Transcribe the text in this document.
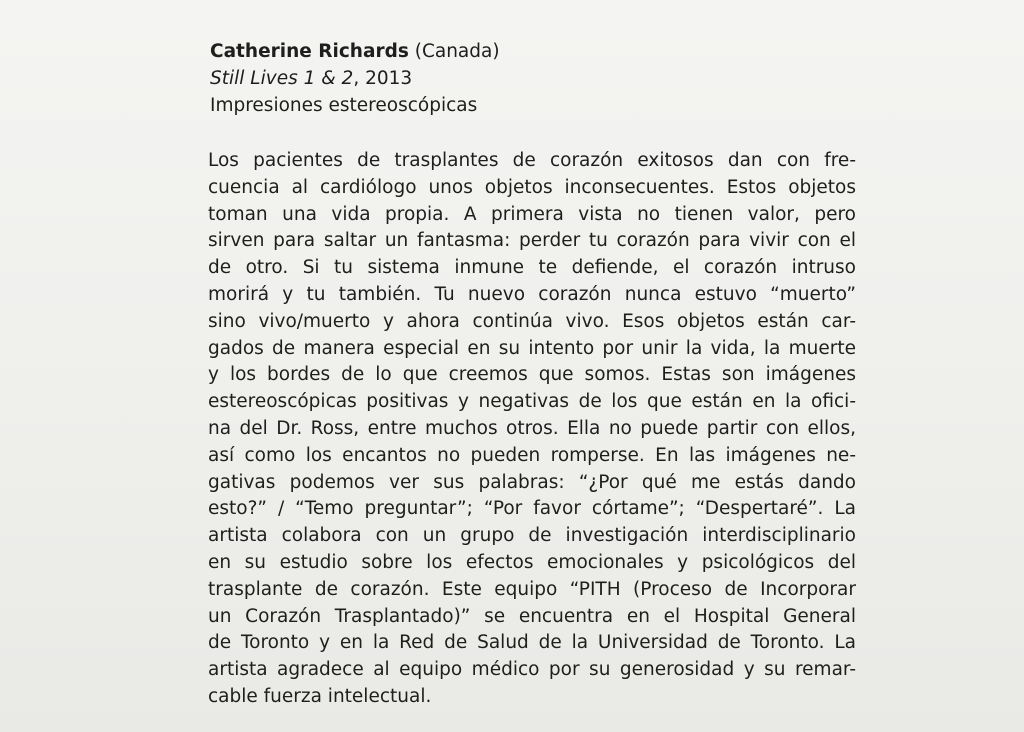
Catherine Richards (Canada)
Still Lives 1 & 2, 2013
Impresiones estereoscópicas
Los pacientes de trasplantes de corazón exitosos dan con fre-
cuencia al cardiólogo unos objetos inconsecuentes. Estos objetos
toman una vida propia. A primera vista no tienen valor, pero
sirven para saltar un fantasma: perder tu corazón para vivir con el
de otro. Si tu sistema inmune te defiende, el corazón intruso
morirá y tu también. Tu nuevo corazón nunca estuvo “muerto”
sino vivo/muerto y ahora continúa vivo. Esos objetos están car-
gados de manera especial en su intento por unir la vida, la muerte
y los bordes de lo que creemos que somos. Estas son imágenes
estereoscópicas positivas y negativas de los que están en la ofici-
na del Dr. Ross, entre muchos otros. Ella no puede partir con ellos,
así como los encantos no pueden romperse. En las imágenes ne-
gativas podemos ver sus palabras: “¿Por qué me estás dando
esto?” / “Temo preguntar”; “Por favor córtame”; “Despertaré”. La
artista colabora con un grupo de investigación interdisciplinario
en su estudio sobre los efectos emocionales y psicológicos del
trasplante de corazón. Este equipo “PITH (Proceso de Incorporar
un Corazón Trasplantado)” se encuentra en el Hospital General
de Toronto y en la Red de Salud de la Universidad de Toronto. La
artista agradece al equipo médico por su generosidad y su remar-
cable fuerza intelectual.
